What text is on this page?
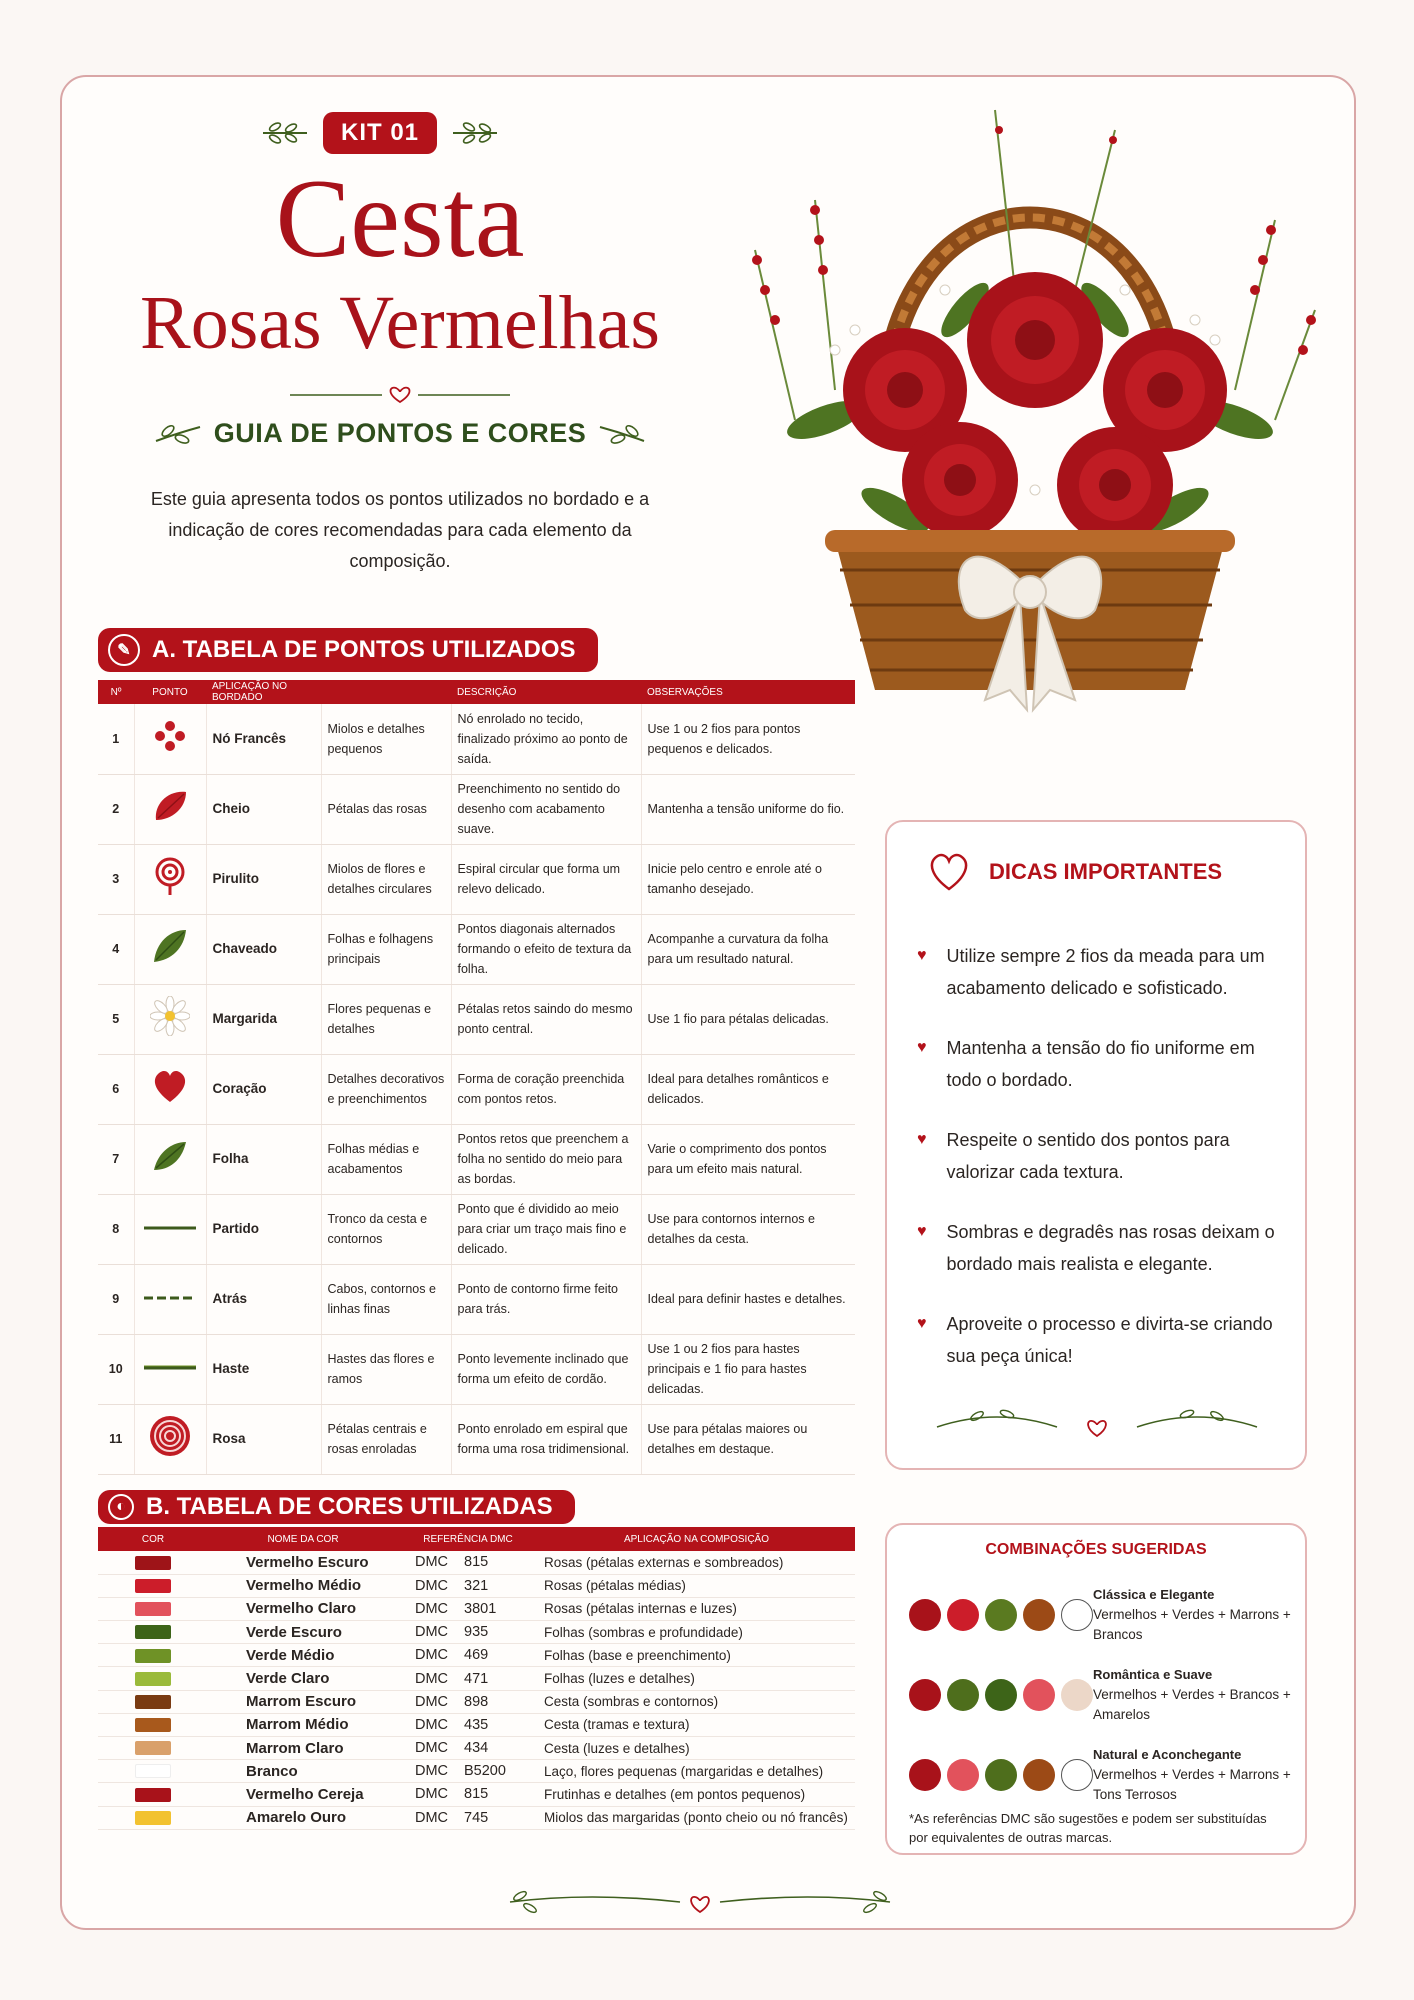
KIT 01
Cesta
Rosas Vermelhas
GUIA DE PONTOS E CORES
Este guia apresenta todos os pontos utilizados no bordado e a indicação de cores recomendadas para cada elemento da composição.
✎ A. TABELA DE PONTOS UTILIZADOS
Nº	PONTO	APLICAÇÃO NO BORDADO		DESCRIÇÃO	OBSERVAÇÕES
1		Nó Francês	Miolos e detalhes pequenos	Nó enrolado no tecido, finalizado próximo ao ponto de saída.	Use 1 ou 2 fios para pontos pequenos e delicados.
2		Cheio	Pétalas das rosas	Preenchimento no sentido do desenho com acabamento suave.	Mantenha a tensão uniforme do fio.
3		Pirulito	Miolos de flores e detalhes circulares	Espiral circular que forma um relevo delicado.	Inicie pelo centro e enrole até o tamanho desejado.
4		Chaveado	Folhas e folhagens principais	Pontos diagonais alternados formando o efeito de textura da folha.	Acompanhe a curvatura da folha para um resultado natural.
5		Margarida	Flores pequenas e detalhes	Pétalas retos saindo do mesmo ponto central.	Use 1 fio para pétalas delicadas.
6		Coração	Detalhes decorativos e preenchimentos	Forma de coração preenchida com pontos retos.	Ideal para detalhes românticos e delicados.
7		Folha	Folhas médias e acabamentos	Pontos retos que preenchem a folha no sentido do meio para as bordas.	Varie o comprimento dos pontos para um efeito mais natural.
8		Partido	Tronco da cesta e contornos	Ponto que é dividido ao meio para criar um traço mais fino e delicado.	Use para contornos internos e detalhes da cesta.
9		Atrás	Cabos, contornos e linhas finas	Ponto de contorno firme feito para trás.	Ideal para definir hastes e detalhes.
10		Haste	Hastes das flores e ramos	Ponto levemente inclinado que forma um efeito de cordão.	Use 1 ou 2 fios para hastes principais e 1 fio para hastes delicadas.
11		Rosa	Pétalas centrais e rosas enroladas	Ponto enrolado em espiral que forma uma rosa tridimensional.	Use para pétalas maiores ou detalhes em destaque.
◐ B. TABELA DE CORES UTILIZADAS
COR	NOME DA COR	REFERÊNCIA DMC		APLICAÇÃO NA COMPOSIÇÃO
	Vermelho Escuro	DMC	815	Rosas (pétalas externas e sombreados)
	Vermelho Médio	DMC	321	Rosas (pétalas médias)
	Vermelho Claro	DMC	3801	Rosas (pétalas internas e luzes)
	Verde Escuro	DMC	935	Folhas (sombras e profundidade)
	Verde Médio	DMC	469	Folhas (base e preenchimento)
	Verde Claro	DMC	471	Folhas (luzes e detalhes)
	Marrom Escuro	DMC	898	Cesta (sombras e contornos)
	Marrom Médio	DMC	435	Cesta (tramas e textura)
	Marrom Claro	DMC	434	Cesta (luzes e detalhes)
	Branco	DMC	B5200	Laço, flores pequenas (margaridas e detalhes)
	Vermelho Cereja	DMC	815	Frutinhas e detalhes (em pontos pequenos)
	Amarelo Ouro	DMC	745	Miolos das margaridas (ponto cheio ou nó francês)
DICAS IMPORTANTES
♥ Utilize sempre 2 fios da meada para um acabamento delicado e sofisticado.
♥ Mantenha a tensão do fio uniforme em todo o bordado.
♥ Respeite o sentido dos pontos para valorizar cada textura.
♥ Sombras e degradês nas rosas deixam o bordado mais realista e elegante.
♥ Aproveite o processo e divirta-se criando sua peça única!
COMBINAÇÕES SUGERIDAS
Clássica e Elegante
Vermelhos + Verdes + Marrons + Brancos
Romântica e Suave
Vermelhos + Verdes + Brancos + Amarelos
Natural e Aconchegante
Vermelhos + Verdes + Marrons + Tons Terrosos
*As referências DMC são sugestões e podem ser substituídas por equivalentes de outras marcas.
